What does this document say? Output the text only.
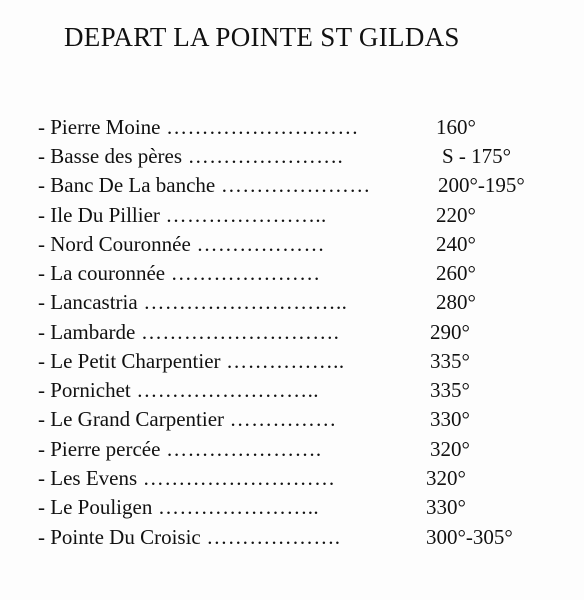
DEPART LA POINTE ST GILDAS
- Pierre Moine ………………………	160°
- Basse des pères ………………….	S - 175°
- Banc De La banche …………………	200°-195°
- Ile Du Pillier …………………..	220°
- Nord Couronnée ………………	240°
- La couronnée …………………	260°
- Lancastria ………………………..	280°
- Lambarde ……………………….	290°
- Le Petit Charpentier ……………..	335°
- Pornichet ……………………..	335°
- Le Grand Carpentier ……………	330°
- Pierre percée ………………….	320°
- Les Evens ………………………	320°
- Le Pouligen …………………..	330°
- Pointe Du Croisic ……………….	300°-305°
